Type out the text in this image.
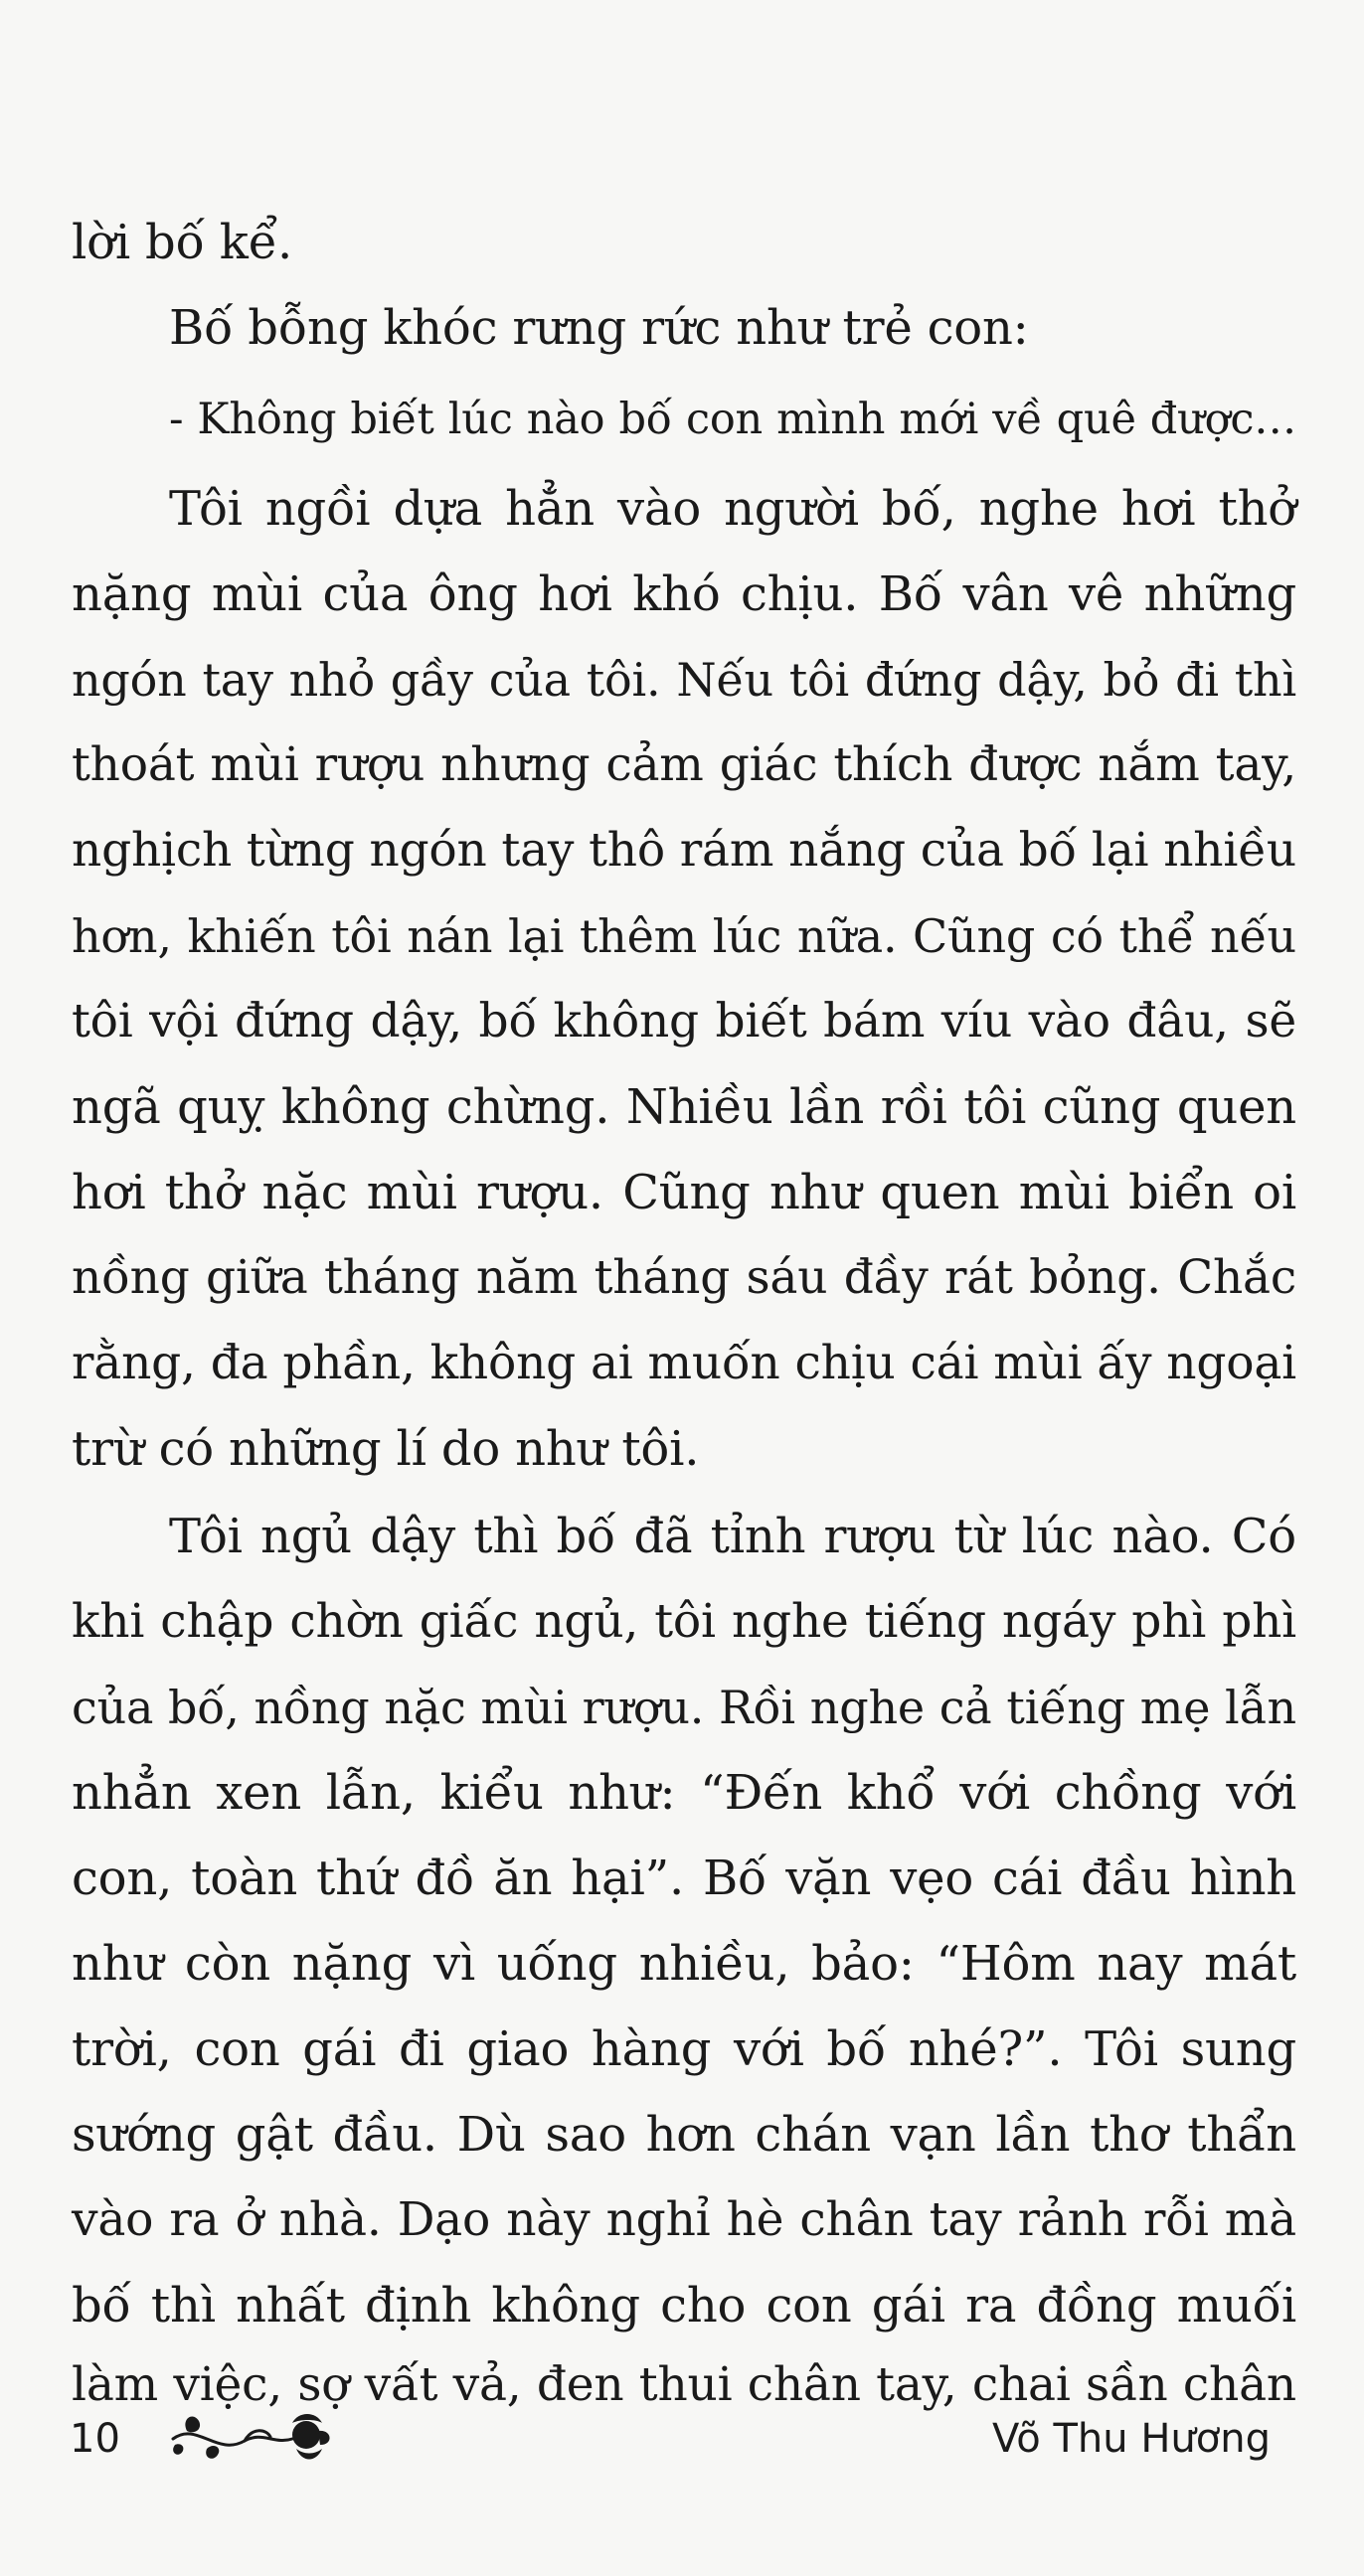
lời bố kể.
Bố bỗng khóc rưng rức như trẻ con:
- Không biết lúc nào bố con mình mới về quê được…
Tôi ngồi dựa hẳn vào người bố, nghe hơi thở
nặng mùi của ông hơi khó chịu. Bố vân vê những
ngón tay nhỏ gầy của tôi. Nếu tôi đứng dậy, bỏ đi thì
thoát mùi rượu nhưng cảm giác thích được nắm tay,
nghịch từng ngón tay thô rám nắng của bố lại nhiều
hơn, khiến tôi nán lại thêm lúc nữa. Cũng có thể nếu
tôi vội đứng dậy, bố không biết bám víu vào đâu, sẽ
ngã quỵ không chừng. Nhiều lần rồi tôi cũng quen
hơi thở nặc mùi rượu. Cũng như quen mùi biển oi
nồng giữa tháng năm tháng sáu đầy rát bỏng. Chắc
rằng, đa phần, không ai muốn chịu cái mùi ấy ngoại
trừ có những lí do như tôi.
Tôi ngủ dậy thì bố đã tỉnh rượu từ lúc nào. Có
khi chập chờn giấc ngủ, tôi nghe tiếng ngáy phì phì
của bố, nồng nặc mùi rượu. Rồi nghe cả tiếng mẹ lẫn
nhẳn xen lẫn, kiểu như: “Đến khổ với chồng với
con, toàn thứ đồ ăn hại”. Bố vặn vẹo cái đầu hình
như còn nặng vì uống nhiều, bảo: “Hôm nay mát
trời, con gái đi giao hàng với bố nhé?”. Tôi sung
sướng gật đầu. Dù sao hơn chán vạn lần thơ thẩn
vào ra ở nhà. Dạo này nghỉ hè chân tay rảnh rỗi mà
bố thì nhất định không cho con gái ra đồng muối
làm việc, sợ vất vả, đen thui chân tay, chai sần chân
10	Võ Thu Hương
